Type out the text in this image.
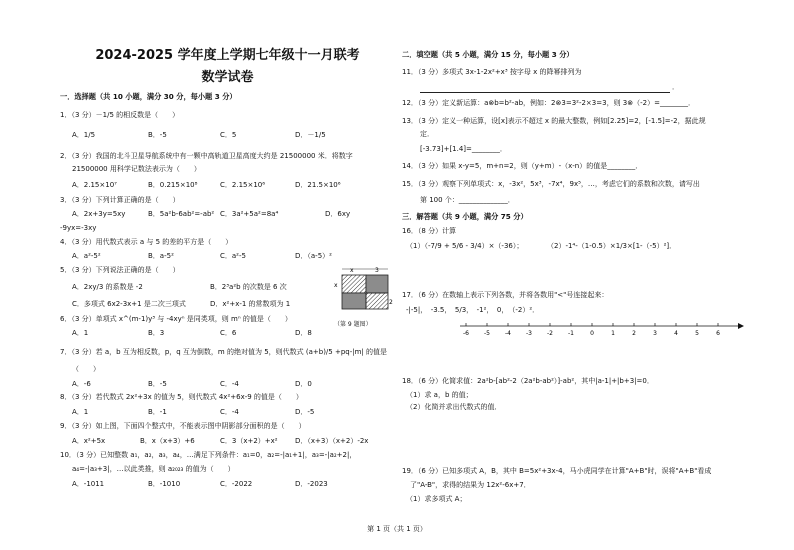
2024-2025 学年度上学期七年级十一月联考
数学试卷
一．选择题（共 10 小题，满分 30 分，每小题 3 分）
1．（3 分）－1/5 的相反数是（　　）
A．1/5	B．-5	C．5	D．－1/5
2．（3 分）我国的北斗卫星导航系统中有一颗中高轨道卫星高度大约是 21500000 米．将数字
21500000 用科学记数法表示为（　　）
A．2.15×10⁷	B．0.215×10⁸	C．2.15×10⁶	D．21.5×10⁶
3．（3 分）下列计算正确的是（　　）
A．2x+3y=5xy	B．5a²b-6ab²=-ab² C．3a²+5a²=8a⁴	D．6xy
-9yx=-3xy
4．（3 分）用代数式表示 a 与 5 的差的平方是（　　）
A．a²-5²	B．a-5²	C．a²-5	D．（a-5）²
5．（3 分）下列说法正确的是（　　）
A．2xy/3 的系数是 -2	B．2³a²b 的次数是 6 次
C．多项式 6x2-3x+1 是二次三项式	D．x²+x-1 的常数项为 1
6．（3 分）单项式 x^(m-1)y³ 与 -4xyⁿ 是同类项，则 mⁿ 的值是（　　）
A．1	B．3	C．6	D．8
7．（3 分）若 a，b 互为相反数，p，q 互为倒数，m 的绝对值为 5，则代数式 (a+b)/5 +pq-|m| 的值是
（　　）
A．-6	B．-5	C．-4	D．0
8．（3 分）若代数式 2x²+3x 的值为 5，则代数式 4x²+6x-9 的值是（　　）
A．1	B．-1	C．-4	D．-5
9．（3 分）如上图，下面四个整式中，不能表示图中阴影部分面积的是（　　）
A．x²+5x	B．x（x+3）+6	C．3（x+2）+x² D．（x+3）（x+2）-2x
10．（3 分）已知整数 a₁，a₂，a₃，a₄，…满足下列条件：a₁=0，a₂=-|a₁+1|，a₃=-|a₂+2|，
a₄=-|a₃+3|，…以此类推，则 a₂₀₂₃ 的值为（　　）
A．-1011	B．-1010	C．-2022	D．-2023
x	3
x
2
（第 9 题图）
二．填空题（共 5 小题，满分 15 分，每小题 3 分）
11．（3 分）多项式 3x-1-2x²+x³ 按字母 x 的降幂排列为
．
12．（3 分）定义新运算：a⊗b=b²-ab，例如：2⊗3=3²-2×3=3，则 3⊗（-2）=________．
13．（3 分）定义一种运算，设[x]表示不超过 x 的最大整数，例如[2.25]=2，[-1.5]=-2，据此规
定．
[-3.73]+[1.4]=________．
14．（3 分）如果 x-y=5，m+n=2，则（y+m）-（x-n）的值是________．
15．（3 分）观察下列单项式：x，-3x²，5x³，-7x⁴，9x⁵，…，考虑它们的系数和次数，请写出
第 100 个：______________．
三．解答题（共 9 小题，满分 75 分）
16．（8 分）计算
（1）（-7/9 + 5/6 - 3/4）×（-36）；	（2）-1⁴-（1-0.5）×1/3×[1-（-5）²]．
17．（6 分）在数轴上表示下列各数，并将各数用"<"号连接起来：
-|-5|，　-3.5，　5/3，　-1²，　0，　（-2）²．
-6	-5	-4	-3	-2	-1	0	1	2	3	4	5	6
18．（6 分）化简求值：2a²b-[ab²-2（2a²b-ab²）]-ab²，其中|a-1|+|b+3|=0．
（1）求 a，b 的值；
（2）化简并求出代数式的值．
19．（6 分）已知多项式 A，B，其中 B=5x²+3x-4，马小虎同学在计算"A+B"时，误将"A+B"看成
了"A-B"，求得的结果为 12x²-6x+7．
（1）求多项式 A；
第 1 页（共 1 页）
